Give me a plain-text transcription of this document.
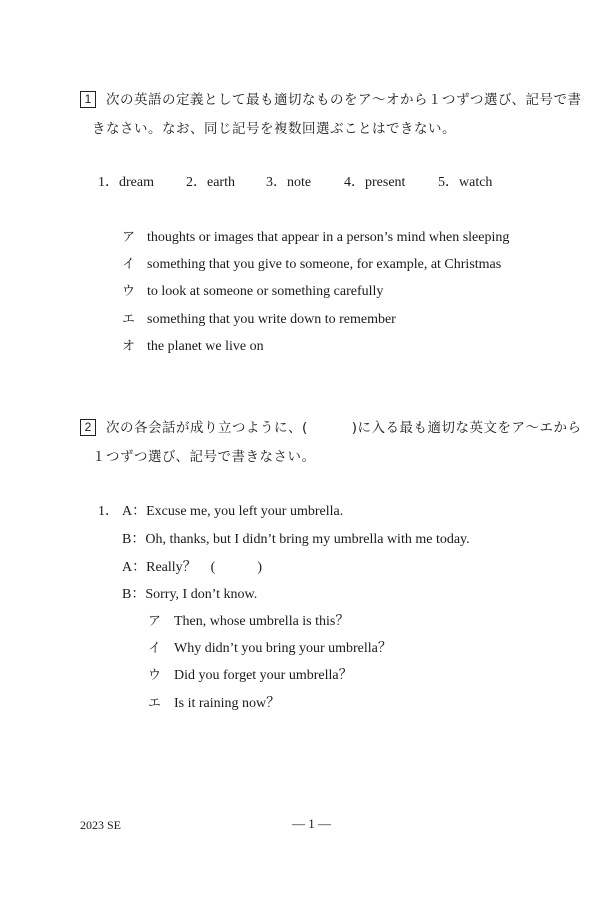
1	次の英語の定義として最も適切なものをア～オから１つずつ選び、記号で書
きなさい。なお、同じ記号を複数回選ぶことはできない。
1．dream 2．earth 3．note 4．present 5．watch
ア thoughts or images that appear in a person’s mind when sleeping
イ something that you give to someone, for example, at Christmas
ウ to look at someone or something carefully
エ something that you write down to remember
オ the planet we live on
2	次の各会話が成り立つように、(	)に入る最も適切な英文をア～エから
１つずつ選び、記号で書きなさい。
1． A：Excuse me, you left your umbrella.
B：Oh, thanks, but I didn’t bring my umbrella with me today.
A：Really？　(　　　)
B：Sorry, I don’t know.
ア Then, whose umbrella is this？
イ Why didn’t you bring your umbrella？
ウ Did you forget your umbrella？
エ Is it raining now？
2023 SE	― 1 ―
